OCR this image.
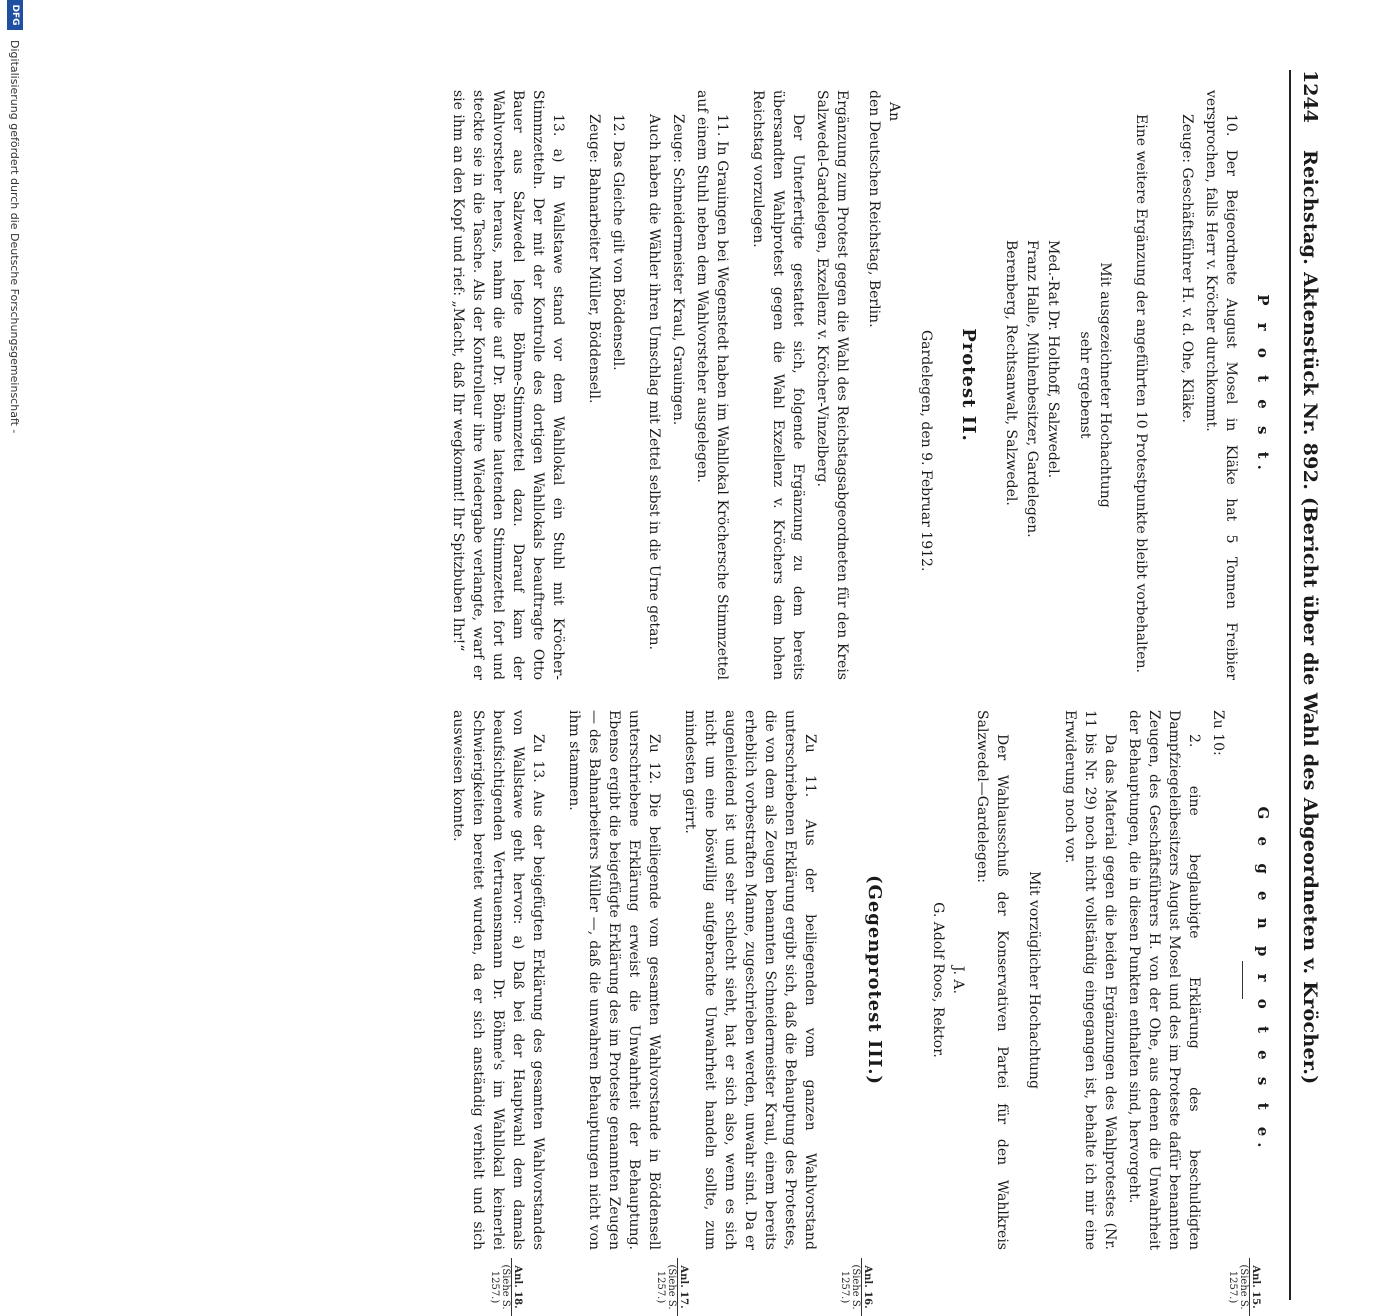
1244
Reichstag. Aktenstück Nr. 892. (Bericht über die Wahl des Abgeordneten v. Kröcher.)
P r o t e s t.

10. Der Beigeordnete August Mosel in Kläke hat 5 Tonnen Freibier versprochen, falls Herr v. Kröcher durchkommt.

Zeuge: Geschäftsführer H. v. d. Ohe, Kläke.

Eine weitere Ergänzung der angeführten 10 Protestpunkte bleibt vorbehalten.

Mit ausgezeichneter Hochachtung
sehr ergebenst
Med.-Rat Dr. Holthoff, Salzwedel.
Franz Halle, Mühlenbesitzer, Gardelegen.
Berenberg, Rechtsanwalt, Salzwedel.
Protest II.
Gardelegen, den 9. Februar 1912.
An
den Deutschen Reichstag, Berlin.

Ergänzung zum Protest gegen die Wahl des Reichstagsabgeordneten für den Kreis Salzwedel-Gardelegen, Exzellenz v. Kröcher-Vinzelberg.

Der Unterfertigte gestattet sich, folgende Ergänzung zu dem bereits übersandten Wahlprotest gegen die Wahl Exzellenz v. Kröchers dem hohen Reichstag vorzulegen.

11. In Grauingen bei Wegenstedt haben im Wahllokal Kröchersche Stimmzettel auf einem Stuhl neben dem Wahlvorsteher ausgelegen.

Zeuge: Schneidermeister Kraul, Grauingen.

Auch haben die Wähler ihren Umschlag mit Zettel selbst in die Urne getan.

12. Das Gleiche gilt von Böddensell.

Zeuge: Bahnarbeiter Müller, Böddensell.

13. a) In Wallstawe stand vor dem Wahllokal ein Stuhl mit Kröcher-Stimmzetteln. Der mit der Kontrolle des dortigen Wahllokals beauftragte Otto Bauer aus Salzwedel legte Böhme-Stimmzettel dazu. Darauf kam der Wahlvorsteher heraus, nahm die auf Dr. Böhme lautenden Stimmzettel fort und steckte sie in die Tasche. Als der Kontrolleur ihre Wiedergabe verlangte, warf er sie ihm an den Kopf und rief: „Macht, daß Ihr wegkommt! Ihr Spitzbuben Ihr!“

G e g e n p r o t e s t e.

Zu 10:

2. eine beglaubigte Erklärung des beschuldigten Dampfziegeleibesitzers August Mosel und des im Proteste dafür benannten Zeugen, des Geschäftsführers H. von der Ohe, aus denen die Unwahrheit der Behauptungen, die in diesen Punkten enthalten sind, hervorgeht.

Da das Material gegen die beiden Ergänzungen des Wahlprotestes (Nr. 11 bis Nr. 29) noch nicht vollständig eingegangen ist, behalte ich mir eine Erwiderung noch vor.

Mit vorzüglicher Hochachtung

Der Wahlausschuß der Konservativen Partei für den Wahlkreis Salzwedel—Gardelegen:

J. A.
G. Adolf Roos, Rektor.
(Gegenprotest III.)

Zu 11. Aus der beiliegenden vom ganzen Wahlvorstand unterschriebenen Erklärung ergibt sich, daß die Behauptung des Protestes, die von dem als Zeugen benannten Schneidermeister Kraul, einem bereits erheblich vorbestraften Manne, zugeschrieben werden, unwahr sind. Da er augenleidend ist und sehr schlecht sieht, hat er sich also, wenn es sich nicht um eine böswillig aufgebrachte Unwahrheit handeln sollte, zum mindesten geirrt.

Zu 12. Die beiliegende vom gesamten Wahlvorstande in Böddensell unterschriebene Erklärung erweist die Unwahrheit der Behauptung. Ebenso ergibt die beigefügte Erklärung des im Proteste genannten Zeugen — des Bahnarbeiters Müller —, daß die unwahren Behauptungen nicht von ihm stammen.

Zu 13. Aus der beigefügten Erklärung des gesamten Wahlvorstandes von Wallstawe geht hervor: a) Daß bei der Hauptwahl dem damals beaufsichtigenden Vertrauensmann Dr. Böhme's im Wahllokal keinerlei Schwierigkeiten bereitet wurden, da er sich anständig verhielt und sich ausweisen konnte.

Anl. 15.
(Siehe S. 1257.)
Anl. 16.
(Siehe S. 1257.)
Anl. 17.
(Siehe S. 1257.)
Anl. 18.
(Siehe S. 1257.)
Digitalisierung gefördert durch die Deutsche Forschungsgemeinschaft -
DFG
